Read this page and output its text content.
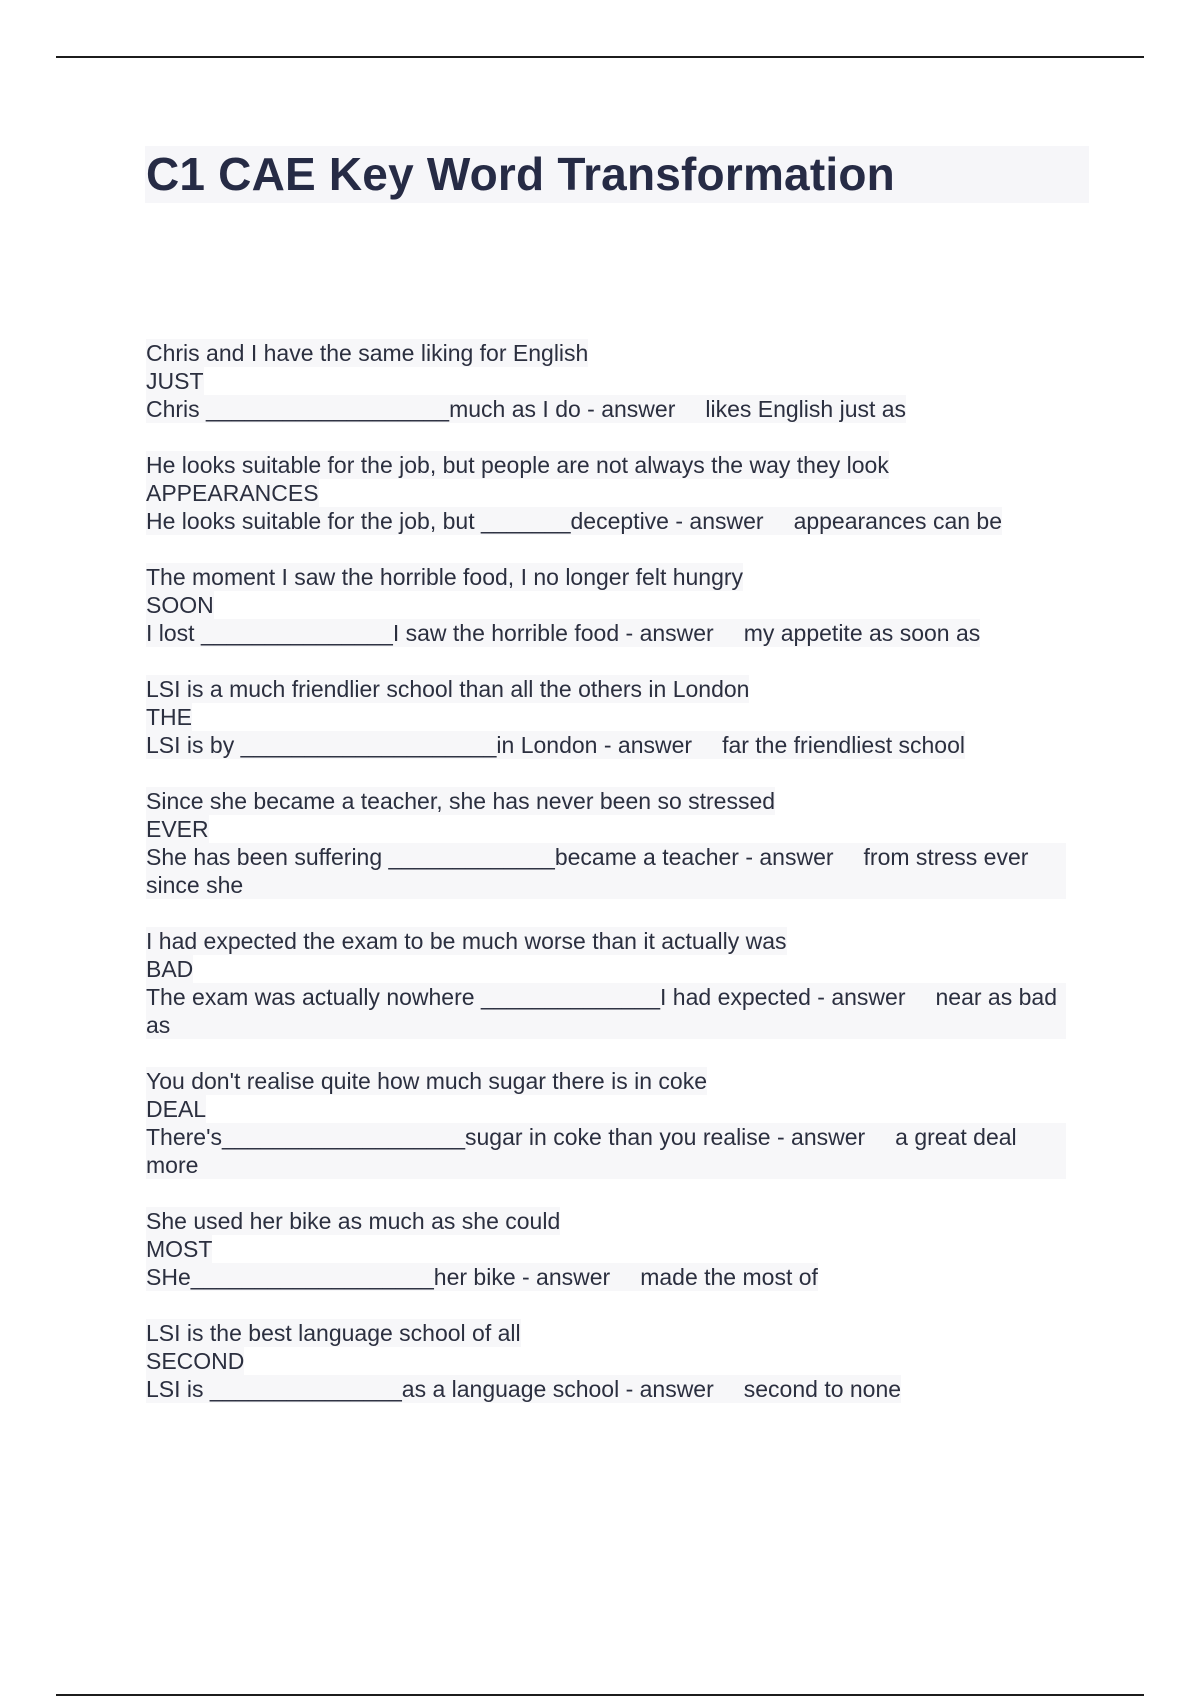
C1 CAE Key Word Transformation
Chris and I have the same liking for English
JUST
Chris ___________________much as I do - answer likes English just as
He looks suitable for the job, but people are not always the way they look
APPEARANCES
He looks suitable for the job, but _______deceptive - answer appearances can be
The moment I saw the horrible food, I no longer felt hungry
SOON
I lost _______________I saw the horrible food - answer my appetite as soon as
LSI is a much friendlier school than all the others in London
THE
LSI is by ____________________in London - answer far the friendliest school
Since she became a teacher, she has never been so stressed
EVER
She has been suffering _____________became a teacher - answer from stress ever since she
I had expected the exam to be much worse than it actually was
BAD
The exam was actually nowhere ______________I had expected - answer near as bad as
You don't realise quite how much sugar there is in coke
DEAL
There's___________________sugar in coke than you realise - answer a great deal more
She used her bike as much as she could
MOST
SHe___________________her bike - answer made the most of
LSI is the best language school of all
SECOND
LSI is _______________as a language school - answer second to none
